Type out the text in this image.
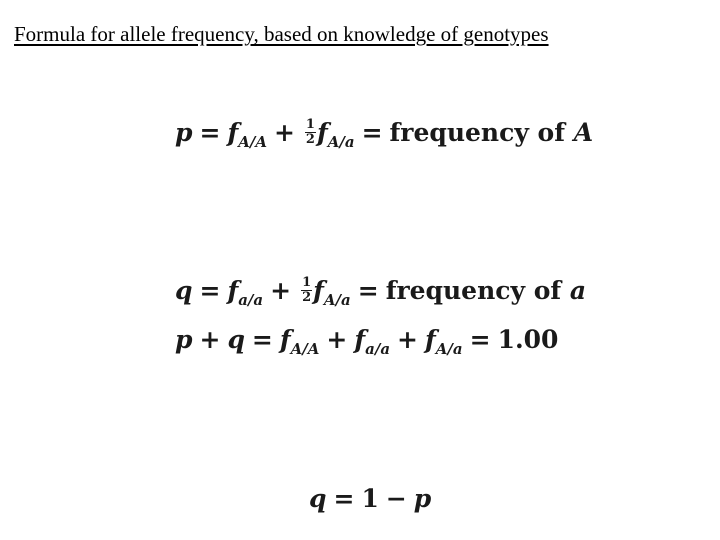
Formula for allele frequency, based on knowledge of genotypes
$p = f_{A/A} + \frac{1}{2} f_{A/a}$ = frequency of A
$q = f_{a/a} + \frac{1}{2} f_{A/a}$ = frequency of a
$p + q = f_{A/A} + f_{a/a} + f_{A/a} = 1.00$
q = 1 − p
